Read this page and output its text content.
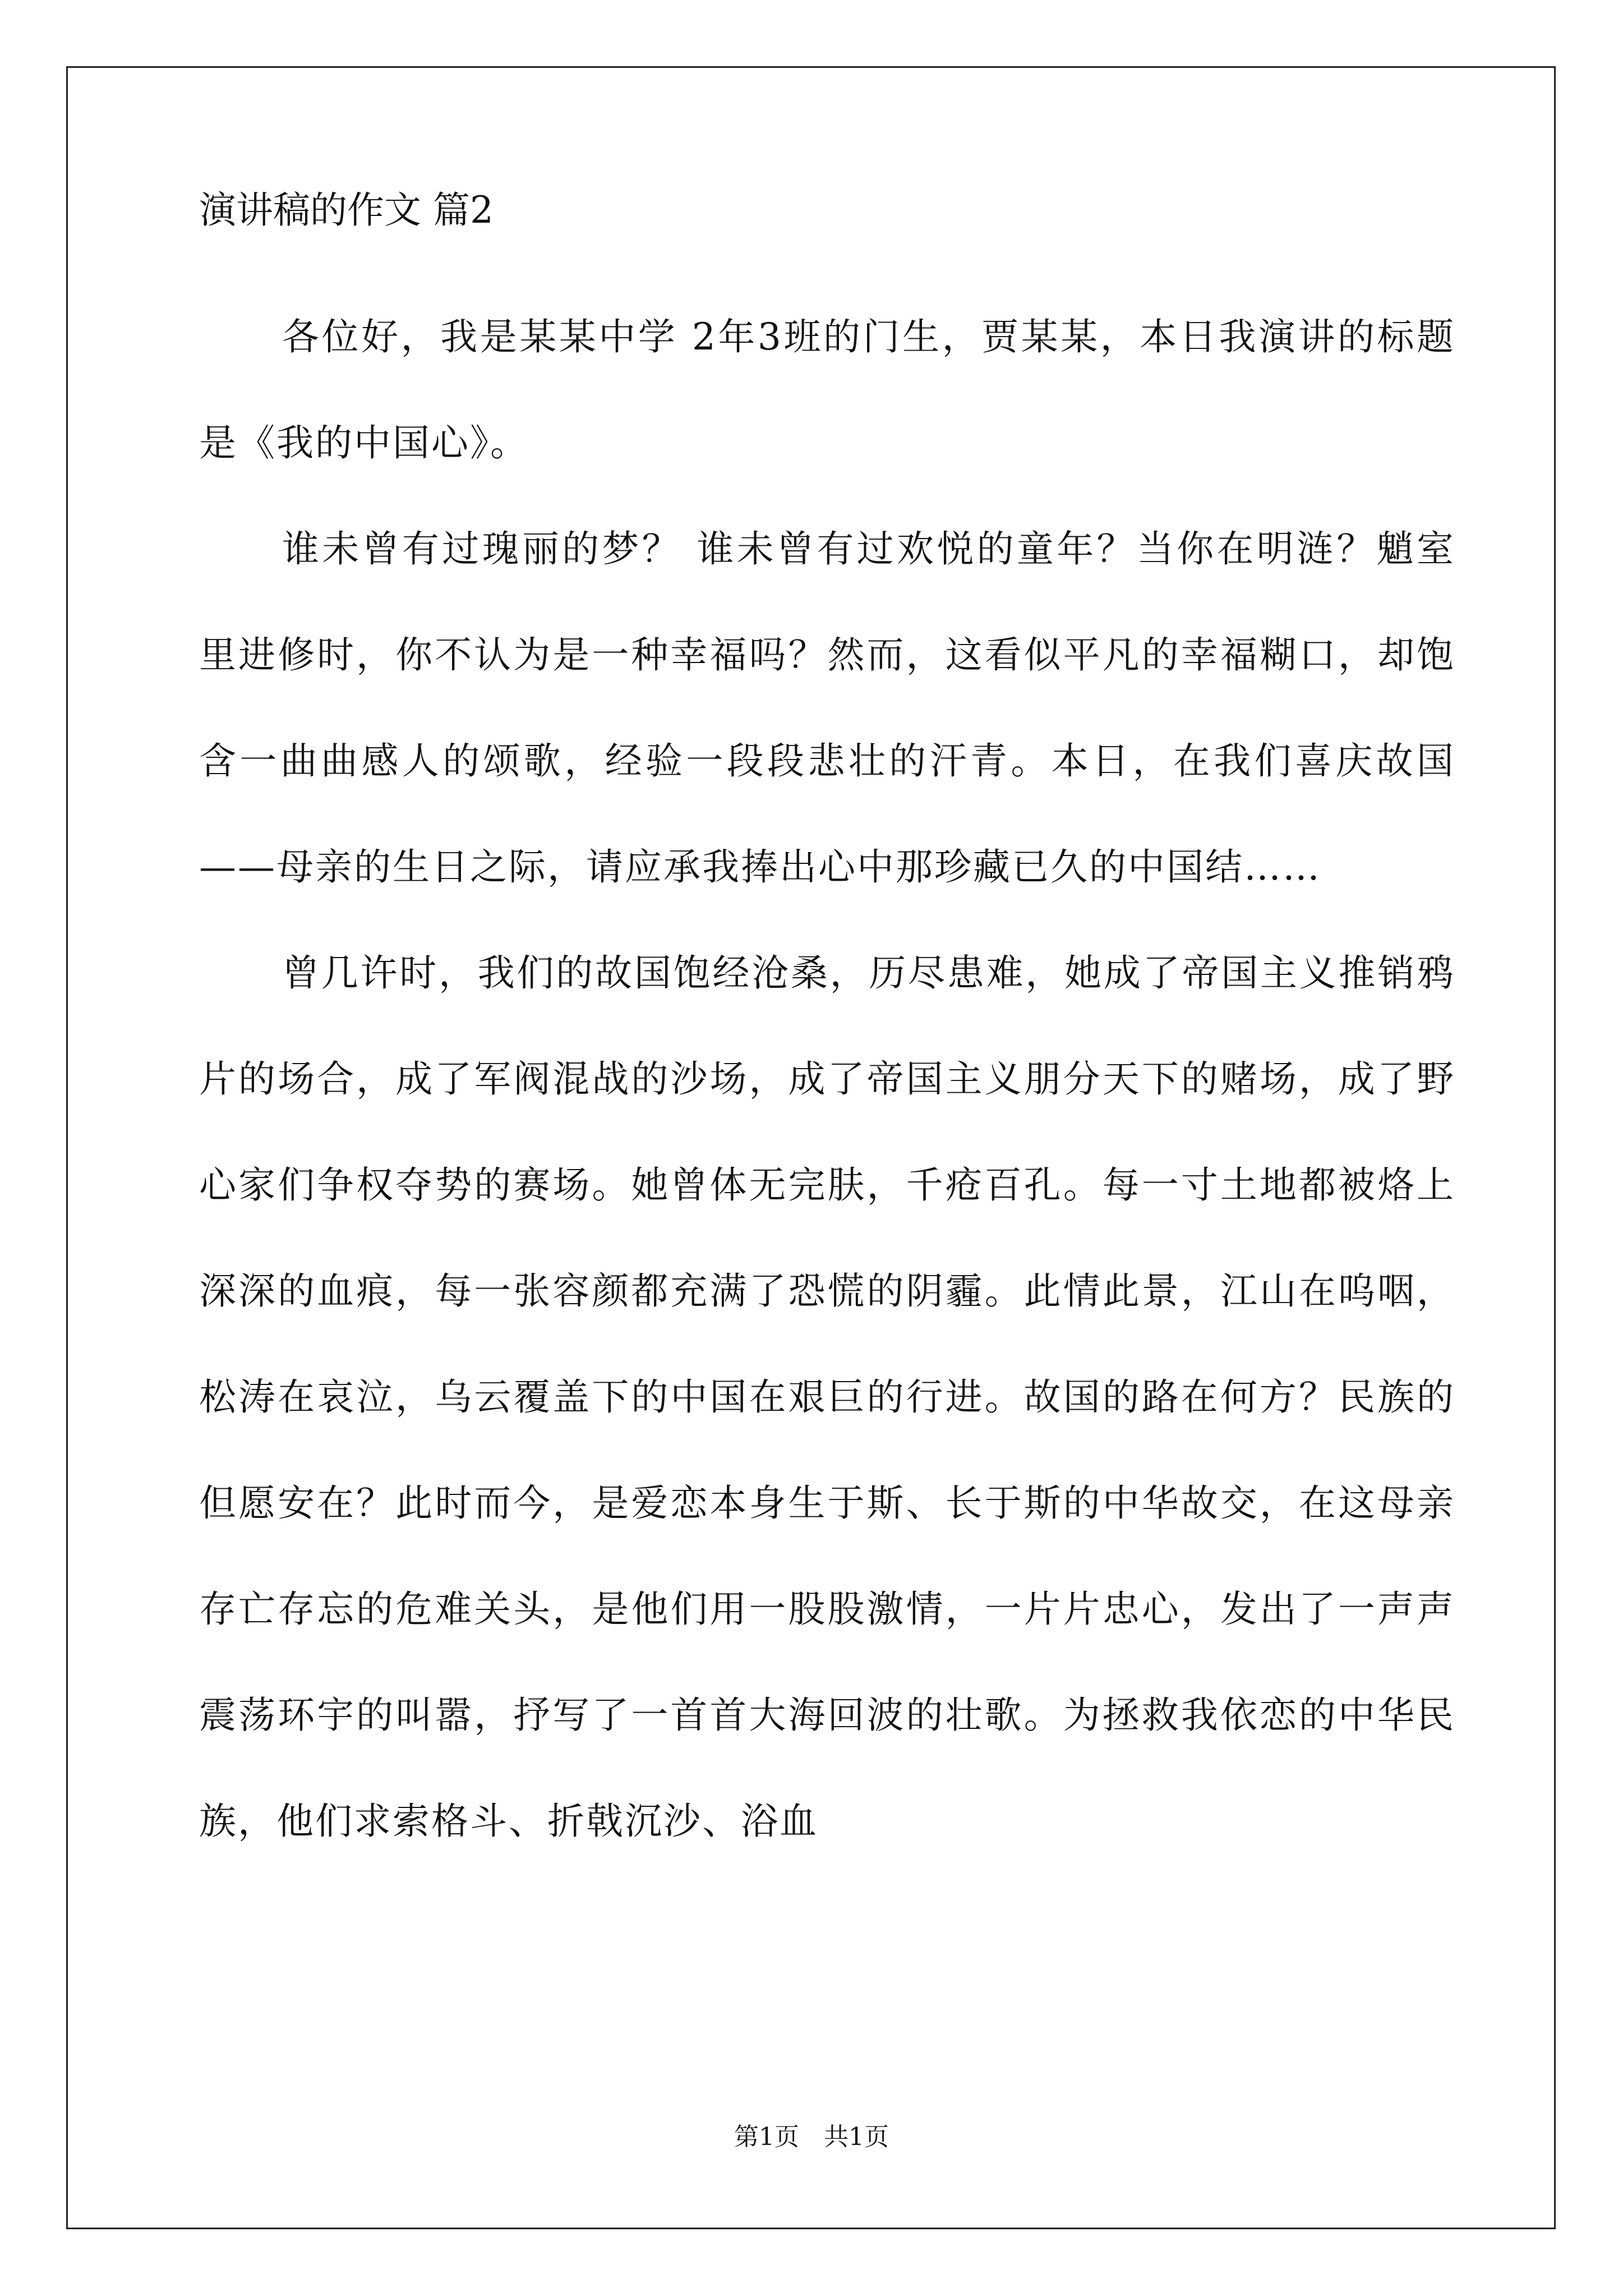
演讲稿的作文 篇2

各位好，我是某某中学 2年3班的门生，贾某某，本日我演讲的标题是《我的中国心》。

谁未曾有过瑰丽的梦？ 谁未曾有过欢悦的童年？当你在明涟？魈室里进修时，你不认为是一种幸福吗？然而，这看似平凡的幸福糊口，却饱含一曲曲感人的颂歌，经验一段段悲壮的汗青。本日，在我们喜庆故国——母亲的生日之际，请应承我捧出心中那珍藏已久的中国结……

曾几许时，我们的故国饱经沧桑，历尽患难，她成了帝国主义推销鸦片的场合，成了军阀混战的沙场，成了帝国主义朋分天下的赌场，成了野心家们争权夺势的赛场。她曾体无完肤，千疮百孔。每一寸土地都被烙上深深的血痕，每一张容颜都充满了恐慌的阴霾。此情此景，江山在呜咽，松涛在哀泣，乌云覆盖下的中国在艰巨的行进。故国的路在何方？民族的但愿安在？此时而今，是爱恋本身生于斯、长于斯的中华故交，在这母亲存亡存忘的危难关头，是他们用一股股激情，一片片忠心，发出了一声声震荡环宇的叫嚣，抒写了一首首大海回波的壮歌。为拯救我依恋的中华民族，他们求索格斗、折戟沉沙、浴血

第1页　共1页
